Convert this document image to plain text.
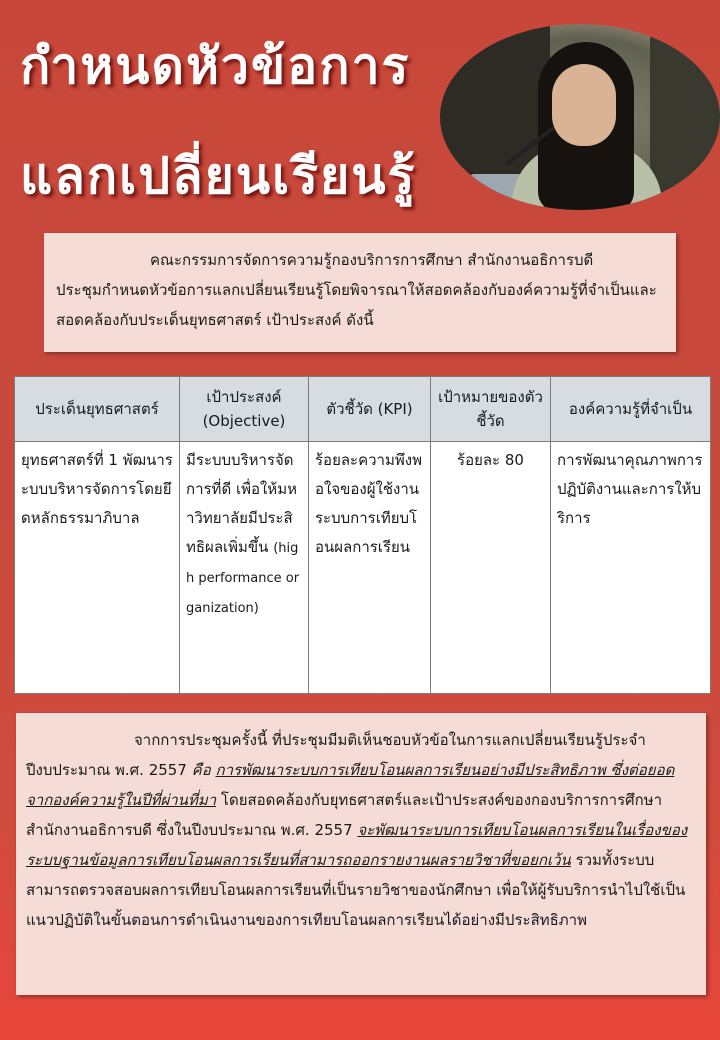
กำหนดหัวข้อการ
แลกเปลี่ยนเรียนรู้

คณะกรรมการจัดการความรู้กองบริการการศึกษา สำนักงานอธิการบดี

ประชุมกำหนดหัวข้อการแลกเปลี่ยนเรียนรู้โดยพิจารณาให้สอดคล้องกับองค์ความรู้ที่จำเป็นและสอดคล้องกับประเด็นยุทธศาสตร์ เป้าประสงค์ ดังนี้

ประเด็นยุทธศาสตร์	เป้าประสงค์ (Objective)	ตัวชี้วัด (KPI)	เป้าหมายของตัวชี้วัด	องค์ความรู้ที่จำเป็น
ยุทธศาสตร์ที่ 1 พัฒนาระบบบริหารจัดการโดยยึดหลักธรรมาภิบาล	มีระบบบริหารจัดการที่ดี เพื่อให้มหาวิทยาลัยมีประสิทธิผลเพิ่มขึ้น (high performance organization)	ร้อยละความพึงพอใจของผู้ใช้งานระบบการเทียบโอนผลการเรียน	ร้อยละ 80	การพัฒนาคุณภาพการปฏิบัติงานและการให้บริการ

จากการประชุมครั้งนี้ ที่ประชุมมีมติเห็นชอบหัวข้อในการแลกเปลี่ยนเรียนรู้ประจำปีงบประมาณ พ.ศ. 2557 คือ การพัฒนาระบบการเทียบโอนผลการเรียนอย่างมีประสิทธิภาพ ซึ่งต่อยอดจากองค์ความรู้ในปีที่ผ่านที่มา โดยสอดคล้องกับยุทธศาสตร์และเป้าประสงค์ของกองบริการการศึกษา สำนักงานอธิการบดี ซึ่งในปีงบประมาณ พ.ศ. 2557 จะพัฒนาระบบการเทียบโอนผลการเรียนในเรื่องของระบบฐานข้อมูลการเทียบโอนผลการเรียนที่สามารถออกรายงานผลรายวิชาที่ขอยกเว้น รวมทั้งระบบสามารถตรวจสอบผลการเทียบโอนผลการเรียนที่เป็นรายวิชาของนักศึกษา เพื่อให้ผู้รับบริการนำไปใช้เป็นแนวปฏิบัติในขั้นตอนการดำเนินงานของการเทียบโอนผลการเรียนได้อย่างมีประสิทธิภาพ
